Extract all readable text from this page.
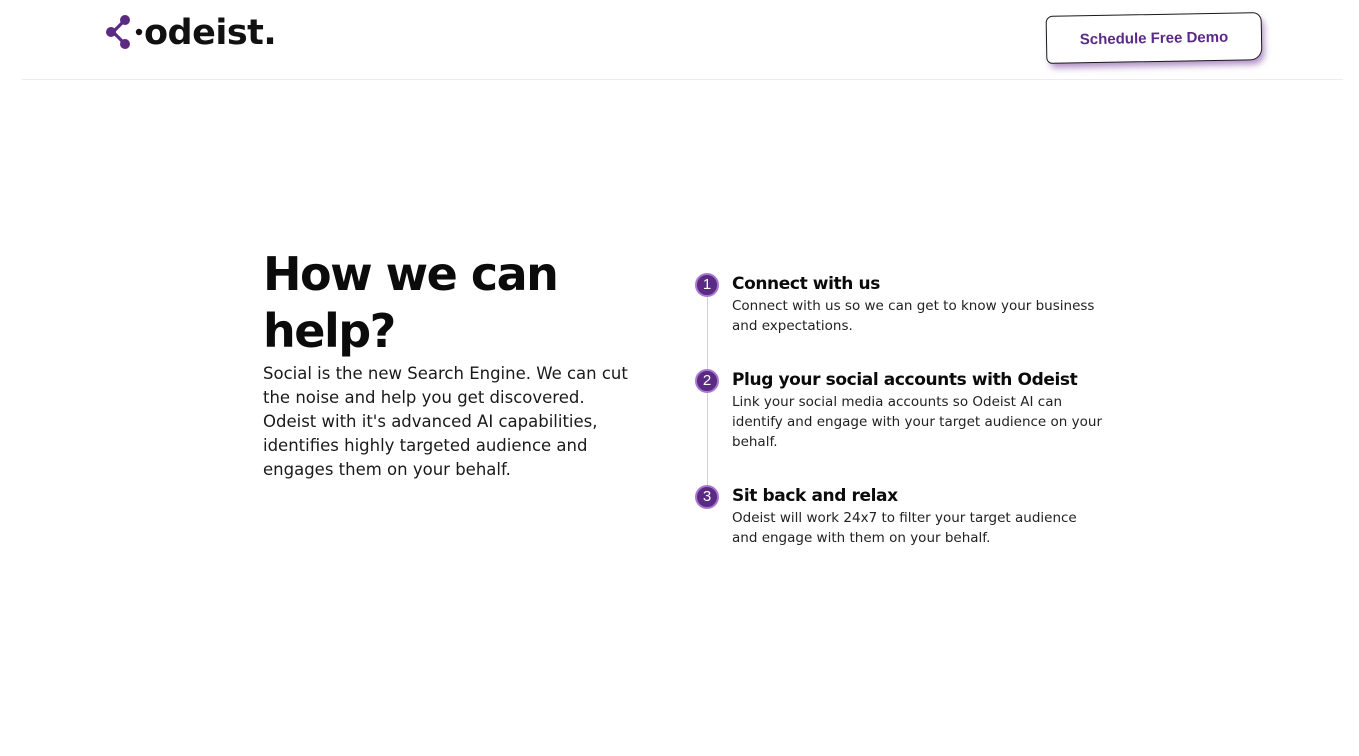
odeist.	Schedule Free Demo
How we can help?

Social is the new Search Engine. We can cut the noise and help you get discovered. Odeist with it's advanced AI capabilities, identifies highly targeted audience and engages them on your behalf.

1	Connect with us

Connect with us so we can get to know your business and expectations.

2	Plug your social accounts with Odeist

Link your social media accounts so Odeist AI can identify and engage with your target audience on your behalf.

3	Sit back and relax

Odeist will work 24x7 to filter your target audience and engage with them on your behalf.
